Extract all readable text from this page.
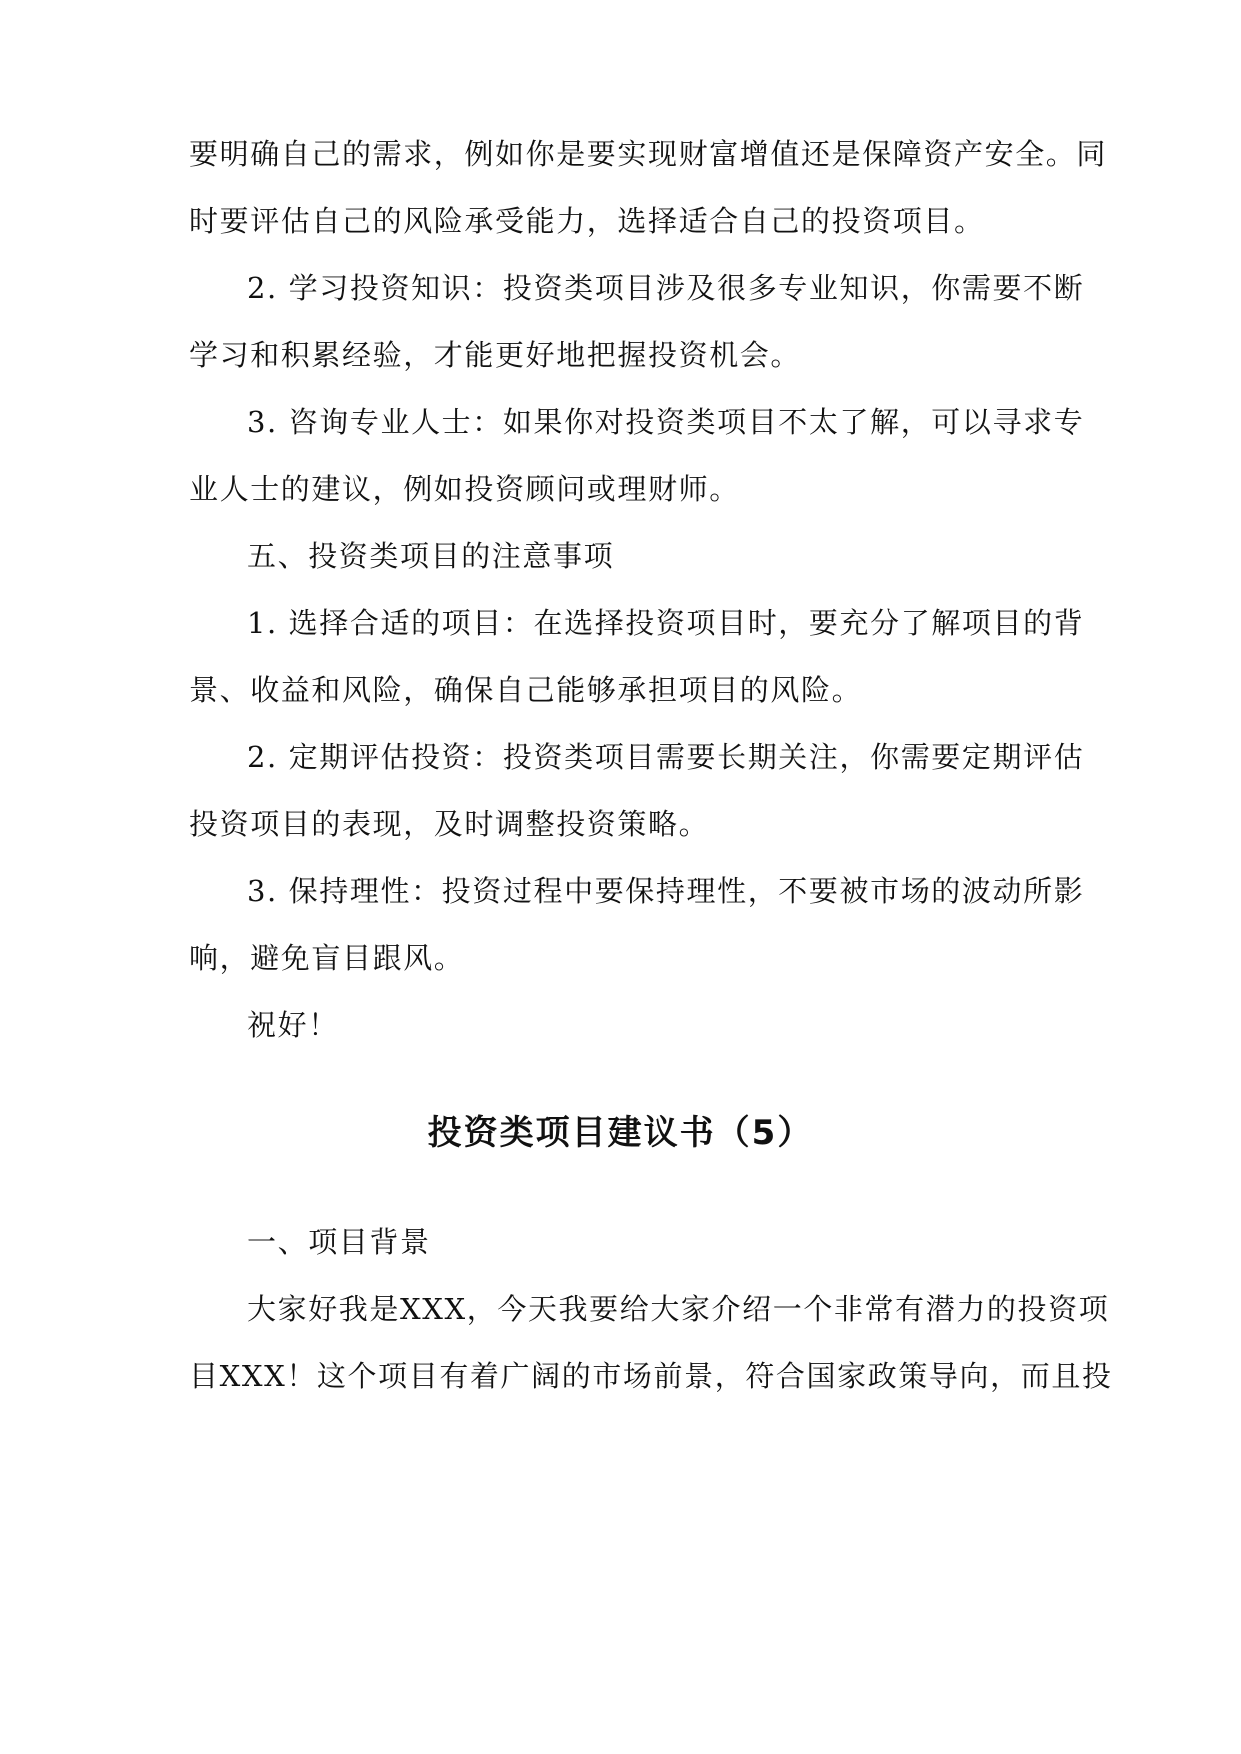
要明确自己的需求，例如你是要实现财富增值还是保障资产安全。同
时要评估自己的风险承受能力，选择适合自己的投资项目。
2. 学习投资知识：投资类项目涉及很多专业知识，你需要不断
学习和积累经验，才能更好地把握投资机会。
3. 咨询专业人士：如果你对投资类项目不太了解，可以寻求专
业人士的建议，例如投资顾问或理财师。
五、投资类项目的注意事项
1. 选择合适的项目：在选择投资项目时，要充分了解项目的背
景、收益和风险，确保自己能够承担项目的风险。
2. 定期评估投资：投资类项目需要长期关注，你需要定期评估
投资项目的表现，及时调整投资策略。
3. 保持理性：投资过程中要保持理性，不要被市场的波动所影
响，避免盲目跟风。
祝好！
投资类项目建议书（5）
一、项目背景
大家好我是XXX，今天我要给大家介绍一个非常有潜力的投资项
目XXX！这个项目有着广阔的市场前景，符合国家政策导向，而且投
